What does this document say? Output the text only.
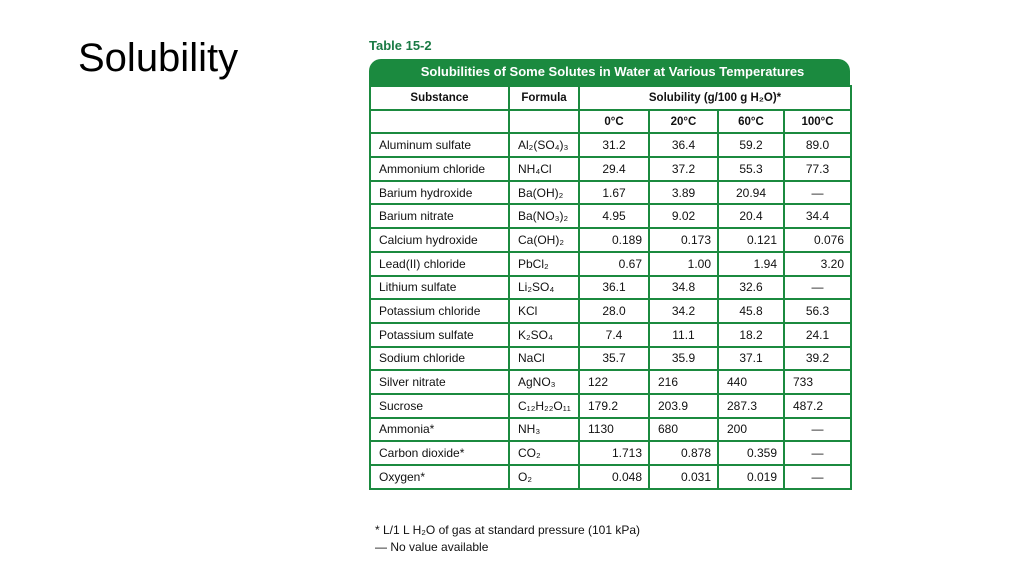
Solubility	Table 15-2
Solubilities of Some Solutes in Water at Various Temperatures
Substance	Formula	Solubility (g/100 g H₂O)*			
		0°C	20°C	60°C	100°C
Aluminum sulfate	Al₂(SO₄)₃	31.2	36.4	59.2	89.0
Ammonium chloride	NH₄Cl	29.4	37.2	55.3	77.3
Barium hydroxide	Ba(OH)₂	1.67	3.89	20.94	—
Barium nitrate	Ba(NO₃)₂	4.95	9.02	20.4	34.4
Calcium hydroxide	Ca(OH)₂	0.189	0.173	0.121	0.076
Lead(II) chloride	PbCl₂	0.67	1.00	1.94	3.20
Lithium sulfate	Li₂SO₄	36.1	34.8	32.6	—
Potassium chloride	KCl	28.0	34.2	45.8	56.3
Potassium sulfate	K₂SO₄	7.4	11.1	18.2	24.1
Sodium chloride	NaCl	35.7	35.9	37.1	39.2
Silver nitrate	AgNO₃	122	216	440	733
Sucrose	C₁₂H₂₂O₁₁	179.2	203.9	287.3	487.2
Ammonia*	NH₃	1130	680	200	—
Carbon dioxide*	CO₂	1.713	0.878	0.359	—
Oxygen*	O₂	0.048	0.031	0.019	—
* L/1 L H₂O of gas at standard pressure (101 kPa)
— No value available
